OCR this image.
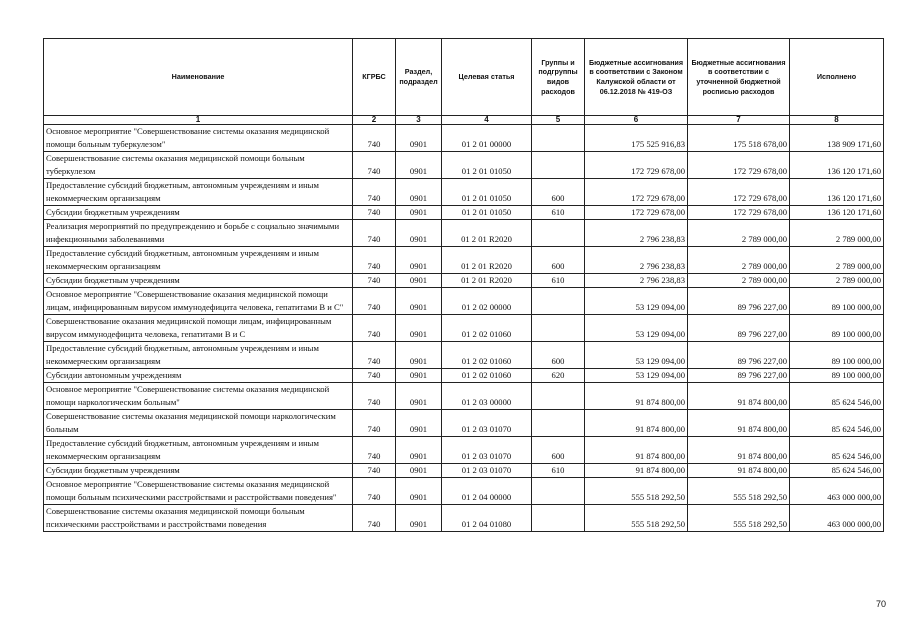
Наименование	КГРБС	Раздел, подраздел	Целевая статья	Группы и подгруппы видов расходов	Бюджетные ассигнования в соответствии с Законом Калужской области от 06.12.2018 № 419-ОЗ	Бюджетные ассигнования в соответствии с уточненной бюджетной росписью расходов	Исполнено
1	2	3	4	5	6	7	8
Основное мероприятие "Совершенствование системы оказания медицинской помощи больным туберкулезом"	740	0901	01 2 01 00000		175 525 916,83	175 518 678,00	138 909 171,60
Совершенствование системы оказания медицинской помощи больным туберкулезом	740	0901	01 2 01 01050		172 729 678,00	172 729 678,00	136 120 171,60
Предоставление субсидий бюджетным, автономным учреждениям и иным некоммерческим организациям	740	0901	01 2 01 01050	600	172 729 678,00	172 729 678,00	136 120 171,60
Субсидии бюджетным учреждениям	740	0901	01 2 01 01050	610	172 729 678,00	172 729 678,00	136 120 171,60
Реализация мероприятий по предупреждению и борьбе с социально значимыми инфекционными заболеваниями	740	0901	01 2 01 R2020		2 796 238,83	2 789 000,00	2 789 000,00
Предоставление субсидий бюджетным, автономным учреждениям и иным некоммерческим организациям	740	0901	01 2 01 R2020	600	2 796 238,83	2 789 000,00	2 789 000,00
Субсидии бюджетным учреждениям	740	0901	01 2 01 R2020	610	2 796 238,83	2 789 000,00	2 789 000,00
Основное мероприятие "Совершенствование оказания медицинской помощи лицам, инфицированным вирусом иммунодефицита человека, гепатитами В и С"	740	0901	01 2 02 00000		53 129 094,00	89 796 227,00	89 100 000,00
Совершенствование оказания медицинской помощи лицам, инфицированным вирусом иммунодефицита человека, гепатитами В и С	740	0901	01 2 02 01060		53 129 094,00	89 796 227,00	89 100 000,00
Предоставление субсидий бюджетным, автономным учреждениям и иным некоммерческим организациям	740	0901	01 2 02 01060	600	53 129 094,00	89 796 227,00	89 100 000,00
Субсидии автономным учреждениям	740	0901	01 2 02 01060	620	53 129 094,00	89 796 227,00	89 100 000,00
Основное мероприятие "Совершенствование системы оказания медицинской помощи наркологическим больным"	740	0901	01 2 03 00000		91 874 800,00	91 874 800,00	85 624 546,00
Совершенствование системы оказания медицинской помощи наркологическим больным	740	0901	01 2 03 01070		91 874 800,00	91 874 800,00	85 624 546,00
Предоставление субсидий бюджетным, автономным учреждениям и иным некоммерческим организациям	740	0901	01 2 03 01070	600	91 874 800,00	91 874 800,00	85 624 546,00
Субсидии бюджетным учреждениям	740	0901	01 2 03 01070	610	91 874 800,00	91 874 800,00	85 624 546,00
Основное мероприятие "Совершенствование системы оказания медицинской помощи больным психическими расстройствами и расстройствами поведения"	740	0901	01 2 04 00000		555 518 292,50	555 518 292,50	463 000 000,00
Совершенствование системы оказания медицинской помощи больным психическими расстройствами и расстройствами поведения	740	0901	01 2 04 01080		555 518 292,50	555 518 292,50	463 000 000,00
70
